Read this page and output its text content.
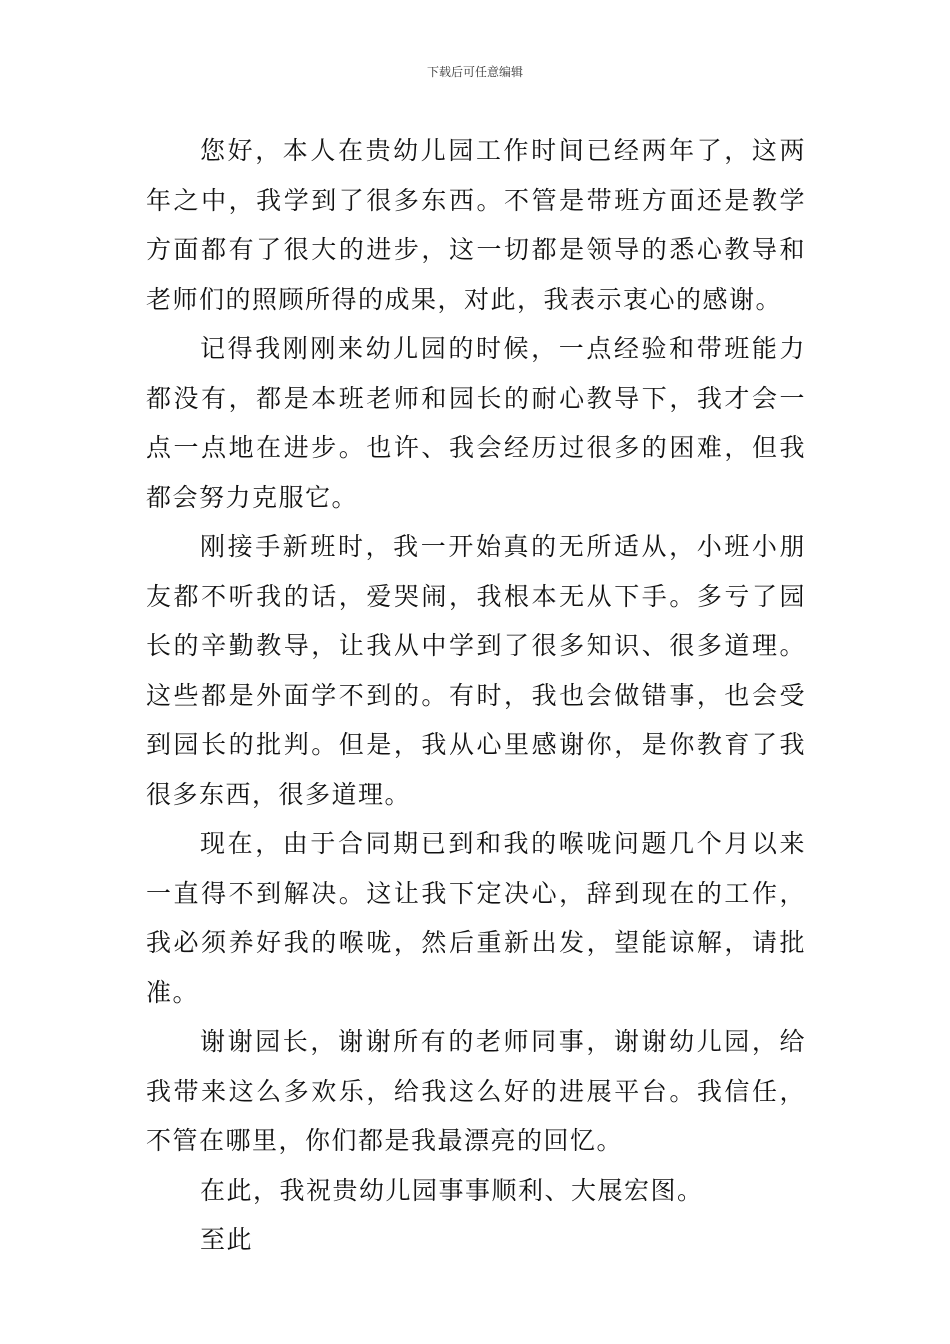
下载后可任意编辑

您好，本人在贵幼儿园工作时间已经两年了，这两年之中，我学到了很多东西。不管是带班方面还是教学方面都有了很大的进步，这一切都是领导的悉心教导和老师们的照顾所得的成果，对此，我表示衷心的感谢。

记得我刚刚来幼儿园的时候，一点经验和带班能力都没有，都是本班老师和园长的耐心教导下，我才会一点一点地在进步。也许、我会经历过很多的困难，但我都会努力克服它。

刚接手新班时，我一开始真的无所适从，小班小朋友都不听我的话，爱哭闹，我根本无从下手。多亏了园长的辛勤教导，让我从中学到了很多知识、很多道理。这些都是外面学不到的。有时，我也会做错事，也会受到园长的批判。但是，我从心里感谢你，是你教育了我很多东西，很多道理。

现在，由于合同期已到和我的喉咙问题几个月以来一直得不到解决。这让我下定决心，辞到现在的工作，我必须养好我的喉咙，然后重新出发，望能谅解，请批准。

谢谢园长，谢谢所有的老师同事，谢谢幼儿园，给我带来这么多欢乐，给我这么好的进展平台。我信任，不管在哪里，你们都是我最漂亮的回忆。

在此，我祝贵幼儿园事事顺利、大展宏图。

至此
